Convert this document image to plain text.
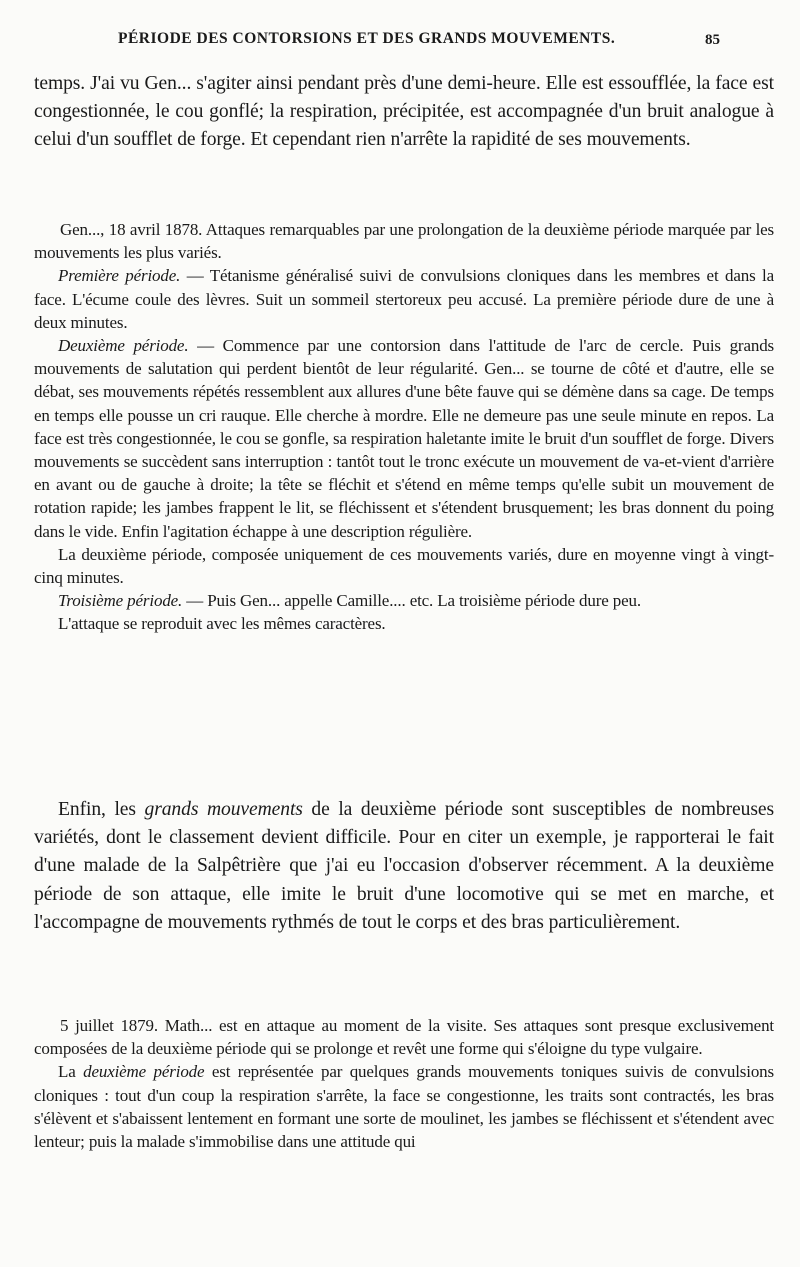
PÉRIODE DES CONTORSIONS ET DES GRANDS MOUVEMENTS.	85

temps. J'ai vu Gen... s'agiter ainsi pendant près d'une demi-heure. Elle est essoufflée, la face est congestionnée, le cou gonflé; la respiration, précipitée, est accompagnée d'un bruit analogue à celui d'un soufflet de forge. Et cependant rien n'arrête la rapidité de ses mouvements.

Gen..., 18 avril 1878. Attaques remarquables par une prolongation de la deuxième période marquée par les mouvements les plus variés.

Première période. — Tétanisme généralisé suivi de convulsions cloniques dans les membres et dans la face. L'écume coule des lèvres. Suit un sommeil stertoreux peu accusé. La première période dure de une à deux minutes.

Deuxième période. — Commence par une contorsion dans l'attitude de l'arc de cercle. Puis grands mouvements de salutation qui perdent bientôt de leur régularité. Gen... se tourne de côté et d'autre, elle se débat, ses mouvements répétés ressemblent aux allures d'une bête fauve qui se démène dans sa cage. De temps en temps elle pousse un cri rauque. Elle cherche à mordre. Elle ne demeure pas une seule minute en repos. La face est très congestionnée, le cou se gonfle, sa respiration haletante imite le bruit d'un soufflet de forge. Divers mouvements se succèdent sans interruption : tantôt tout le tronc exécute un mouvement de va-et-vient d'arrière en avant ou de gauche à droite; la tête se fléchit et s'étend en même temps qu'elle subit un mouvement de rotation rapide; les jambes frappent le lit, se fléchissent et s'étendent brusquement; les bras donnent du poing dans le vide. Enfin l'agitation échappe à une description régulière.

La deuxième période, composée uniquement de ces mouvements variés, dure en moyenne vingt à vingt-cinq minutes.

Troisième période. — Puis Gen... appelle Camille.... etc. La troisième période dure peu.

L'attaque se reproduit avec les mêmes caractères.

Enfin, les grands mouvements de la deuxième période sont susceptibles de nombreuses variétés, dont le classement devient difficile. Pour en citer un exemple, je rapporterai le fait d'une malade de la Salpêtrière que j'ai eu l'occasion d'observer récemment. A la deuxième période de son attaque, elle imite le bruit d'une locomotive qui se met en marche, et l'accompagne de mouvements rythmés de tout le corps et des bras particulièrement.

5 juillet 1879. Math... est en attaque au moment de la visite. Ses attaques sont presque exclusivement composées de la deuxième période qui se prolonge et revêt une forme qui s'éloigne du type vulgaire.

La deuxième période est représentée par quelques grands mouvements toniques suivis de convulsions cloniques : tout d'un coup la respiration s'arrête, la face se congestionne, les traits sont contractés, les bras s'élèvent et s'abaissent lentement en formant une sorte de moulinet, les jambes se fléchissent et s'étendent avec lenteur; puis la malade s'immobilise dans une attitude qui
